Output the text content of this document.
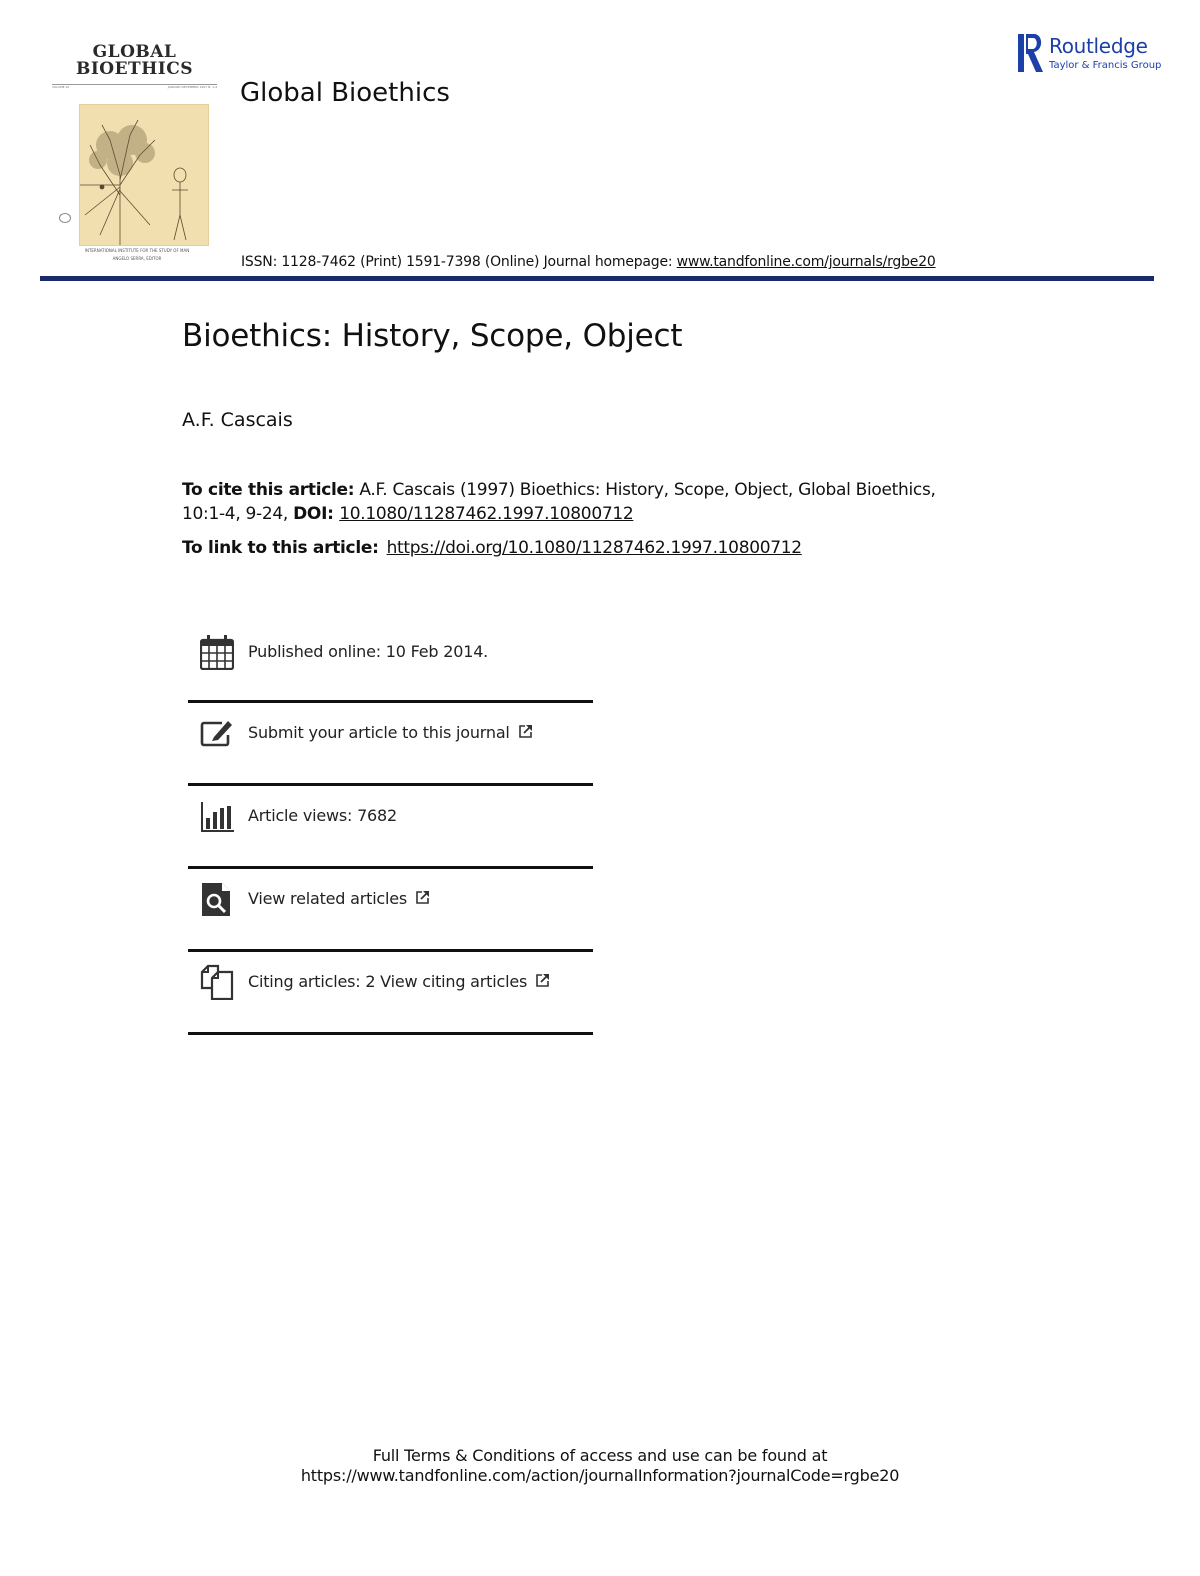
GLOBAL
BIOETHICS
VOLUME 10	JANUARY-DECEMBER 1997 N. 1-4
INTERNATIONAL INSTITUTE FOR THE STUDY OF MAN
ANGELO SERRA, EDITOR
Global Bioethics
Routledge
Taylor & Francis Group
ISSN: 1128-7462 (Print) 1591-7398 (Online) Journal homepage: www.tandfonline.com/journals/rgbe20
Bioethics: History, Scope, Object
A.F. Cascais
To cite this article: A.F. Cascais (1997) Bioethics: History, Scope, Object, Global Bioethics, 10:1-4, 9-24, DOI: 10.1080/11287462.1997.10800712
To link to this article: https://doi.org/10.1080/11287462.1997.10800712
Published online: 10 Feb 2014.
Submit your article to this journal
Article views: 7682
View related articles
Citing articles: 2 View citing articles
Full Terms & Conditions of access and use can be found at
https://www.tandfonline.com/action/journalInformation?journalCode=rgbe20
